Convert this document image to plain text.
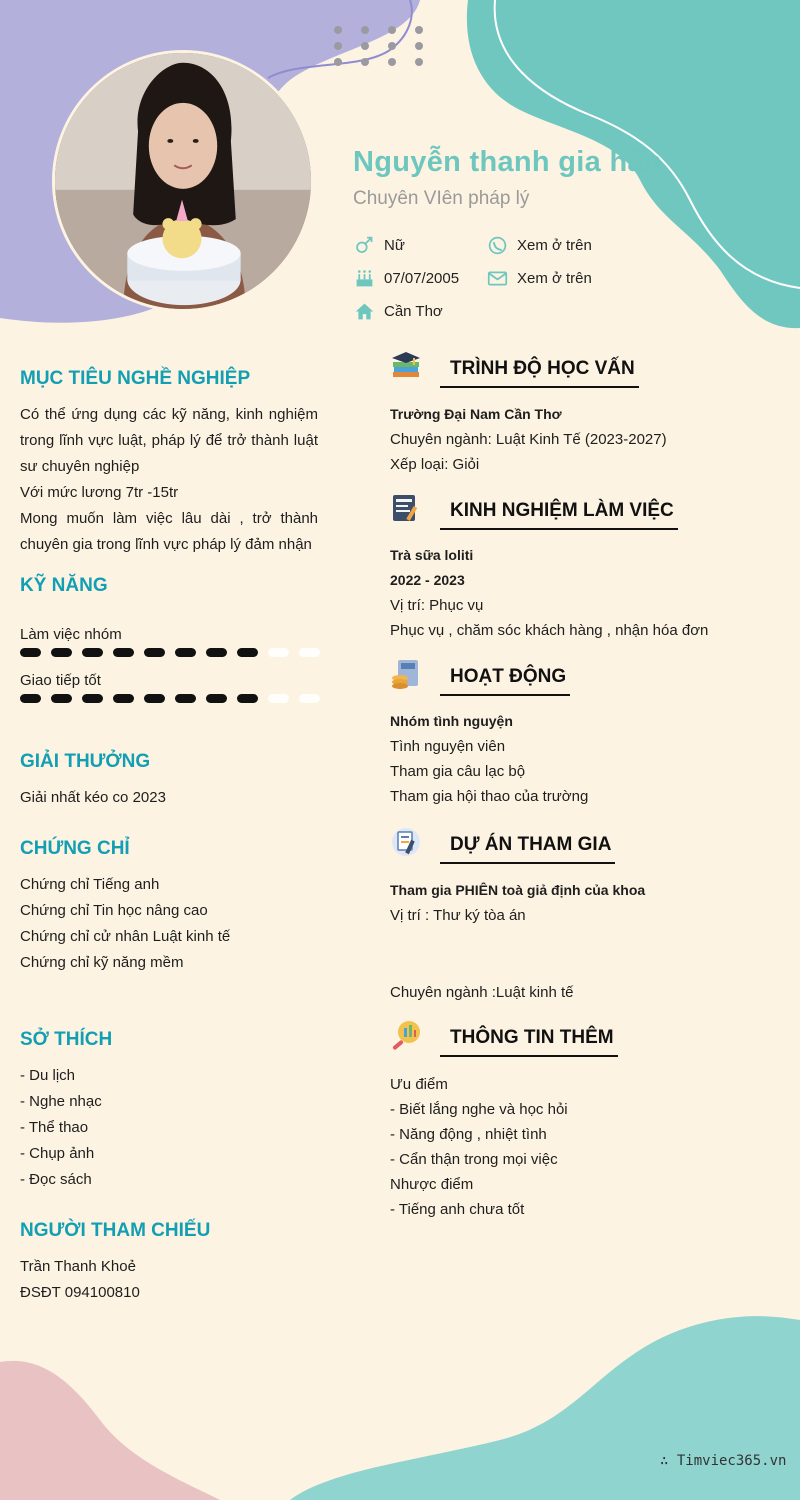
Nguyễn thanh gia hân
Chuyên VIên pháp lý
Nữ	Xem ở trên
07/07/2005	Xem ở trên
Cần Thơ
MỤC TIÊU NGHỀ NGHIỆP
Có thể ứng dụng các kỹ năng, kinh nghiệm trong lĩnh vực luật, pháp lý để trở thành luật sư chuyên nghiệp
Với mức lương 7tr -15tr
Mong muốn làm việc lâu dài , trở thành chuyên gia trong lĩnh vực pháp lý đảm nhận
KỸ NĂNG
Làm việc nhóm
Giao tiếp tốt
GIẢI THƯỞNG
Giải nhất kéo co 2023
CHỨNG CHỈ
Chứng chỉ Tiếng anh
Chứng chỉ Tin học nâng cao
Chứng chỉ cử nhân Luật kinh tế
Chứng chỉ kỹ năng mềm
SỞ THÍCH
- Du lịch
- Nghe nhạc
- Thể thao
- Chụp ảnh
- Đọc sách
NGƯỜI THAM CHIẾU
Trần Thanh Khoẻ
ĐSĐT 094100810
TRÌNH ĐỘ HỌC VẤN
Trường Đại Nam Cần Thơ
Chuyên ngành: Luật Kinh Tế (2023-2027)
Xếp loại: Giỏi
KINH NGHIỆM LÀM VIỆC
Trà sữa loliti
2022 - 2023
Vị trí: Phục vụ
Phục vụ , chăm sóc khách hàng , nhận hóa đơn
HOẠT ĐỘNG
Nhóm tình nguyện
Tình nguyện viên
Tham gia câu lạc bộ
Tham gia hội thao của trường
DỰ ÁN THAM GIA
Tham gia PHIÊN toà giả định của khoa
Vị trí : Thư ký tòa án
Chuyên ngành :Luật kinh tế
THÔNG TIN THÊM
Ưu điểm
- Biết lắng nghe và học hỏi
- Năng động , nhiệt tình
- Cẩn thận trong mọi việc
Nhược điểm
- Tiếng anh chưa tốt
∴ Timviec365.vn
